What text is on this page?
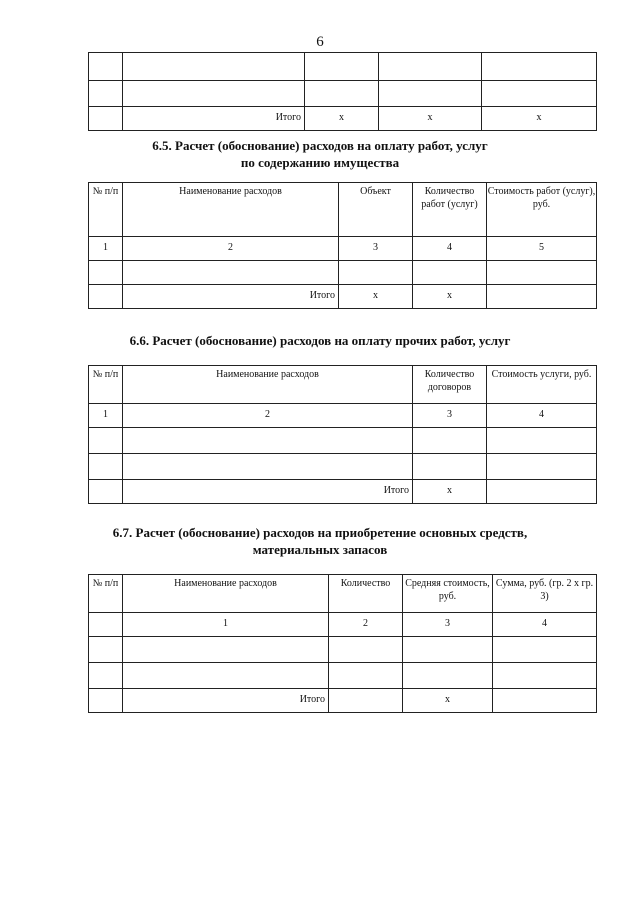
6

	Итого	x	x	x
6.5. Расчет (обоснование) расходов на оплату работ, услуг
по содержанию имущества
№ п/п	Наименование расходов	Объект	Количество работ (услуг)	Стоимость работ (услуг), руб.
1	2	3	4	5

	Итого	x	x	
6.6. Расчет (обоснование) расходов на оплату прочих работ, услуг
№ п/п	Наименование расходов	Количество договоров	Стоимость услуги, руб.
1	2	3	4

	Итого	x	
6.7. Расчет (обоснование) расходов на приобретение основных средств,
материальных запасов
№ п/п	Наименование расходов	Количество	Средняя стоимость, руб.	Сумма, руб. (гр. 2 х гр. 3)
	1	2	3	4

	Итого		x	
